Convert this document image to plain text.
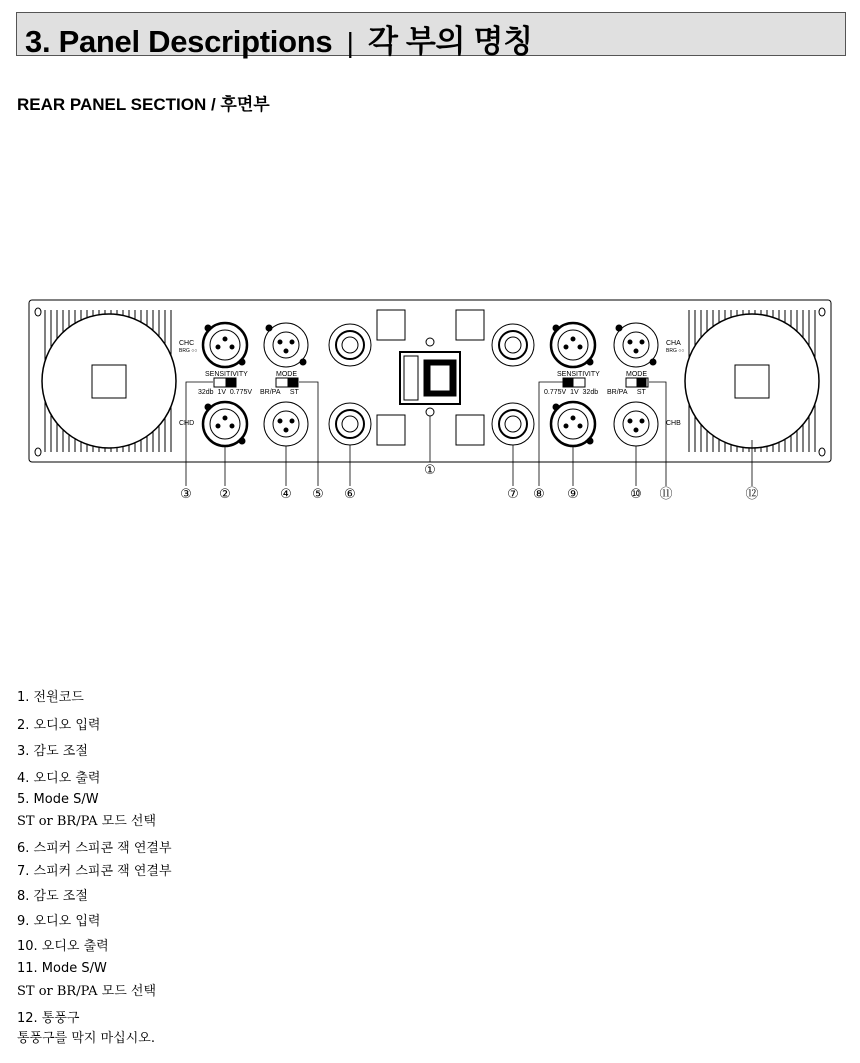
3. Panel Descriptions | 각 부의 명칭
REAR PANEL SECTION / 후면부
CHC
BRG ○○
CHD
CHA
BRG ○○
CHB
SENSITIVITY	MODE
32db  1V  0.775V BR/PA     ST
SENSITIVITY	MODE
0.775V  1V  32db BR/PA     ST
③ ②	④ ⑤ ⑥
①
⑦ ⑧ ⑨	⑩ ⑪	⑫
1. 전원코드
2. 오디오 입력
3. 감도 조절
4. 오디오 출력
5. Mode S/W
ST or BR/PA 모드 선택
6. 스피커 스피콘 잭 연결부
7. 스피커 스피콘 잭 연결부
8. 감도 조절
9. 오디오 입력
10. 오디오 출력
11. Mode S/W
ST or BR/PA 모드 선택
12. 통풍구
통풍구를 막지 마십시오.
